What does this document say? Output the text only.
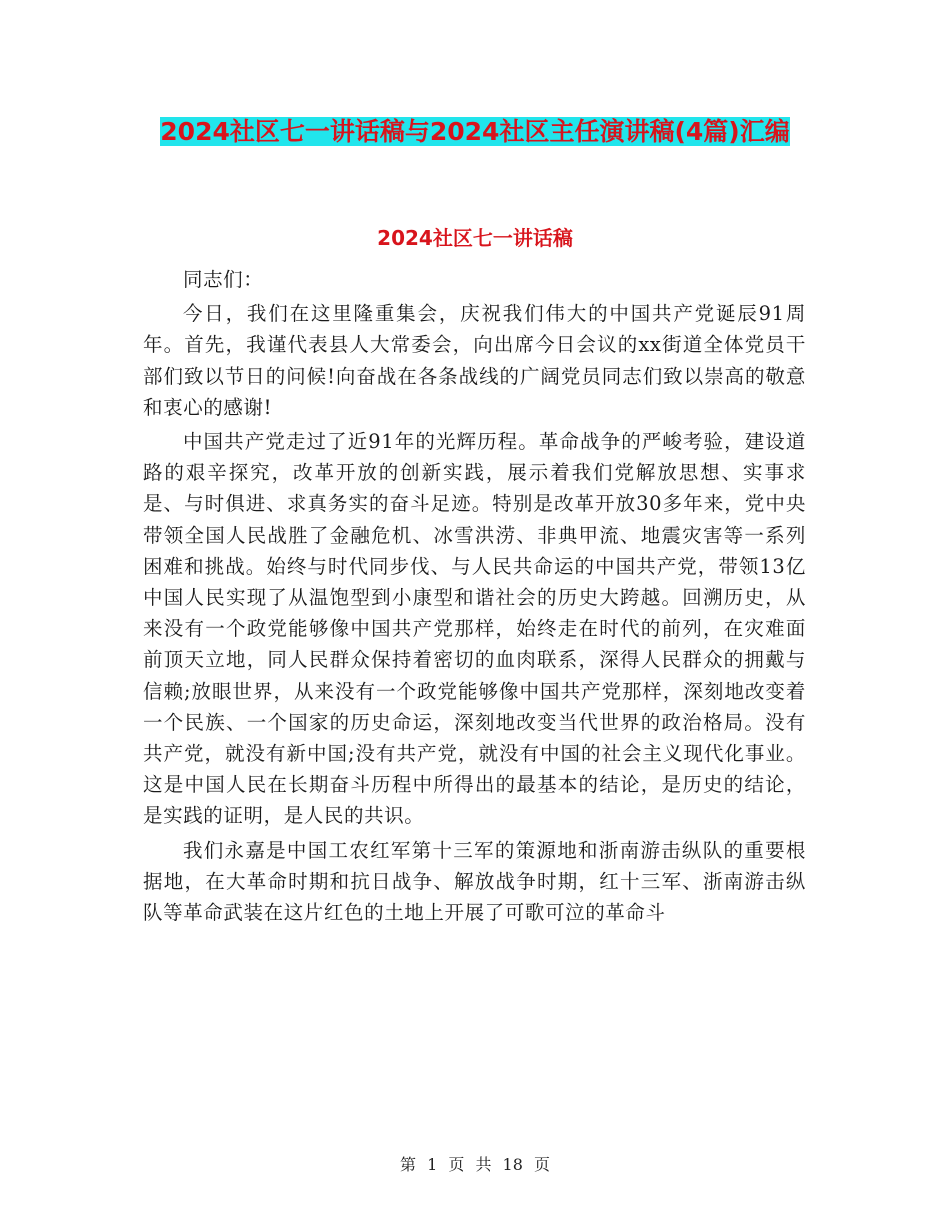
2024社区七一讲话稿与2024社区主任演讲稿(4篇)汇编
2024社区七一讲话稿

同志们：

今日，我们在这里隆重集会，庆祝我们伟大的中国共产党诞辰91周年。首先，我谨代表县人大常委会，向出席今日会议的xx街道全体党员干部们致以节日的问候!向奋战在各条战线的广阔党员同志们致以崇高的敬意和衷心的感谢!

中国共产党走过了近91年的光辉历程。革命战争的严峻考验，建设道路的艰辛探究，改革开放的创新实践，展示着我们党解放思想、实事求是、与时俱进、求真务实的奋斗足迹。特别是改革开放30多年来，党中央带领全国人民战胜了金融危机、冰雪洪涝、非典甲流、地震灾害等一系列困难和挑战。始终与时代同步伐、与人民共命运的中国共产党，带领13亿中国人民实现了从温饱型到小康型和谐社会的历史大跨越。回溯历史，从来没有一个政党能够像中国共产党那样，始终走在时代的前列，在灾难面前顶天立地，同人民群众保持着密切的血肉联系，深得人民群众的拥戴与信赖;放眼世界，从来没有一个政党能够像中国共产党那样，深刻地改变着一个民族、一个国家的历史命运，深刻地改变当代世界的政治格局。没有共产党，就没有新中国;没有共产党，就没有中国的社会主义现代化事业。这是中国人民在长期奋斗历程中所得出的最基本的结论，是历史的结论，是实践的证明，是人民的共识。

我们永嘉是中国工农红军第十三军的策源地和浙南游击纵队的重要根据地，在大革命时期和抗日战争、解放战争时期，红十三军、浙南游击纵队等革命武装在这片红色的土地上开展了可歌可泣的革命斗

第 1 页 共 18 页
